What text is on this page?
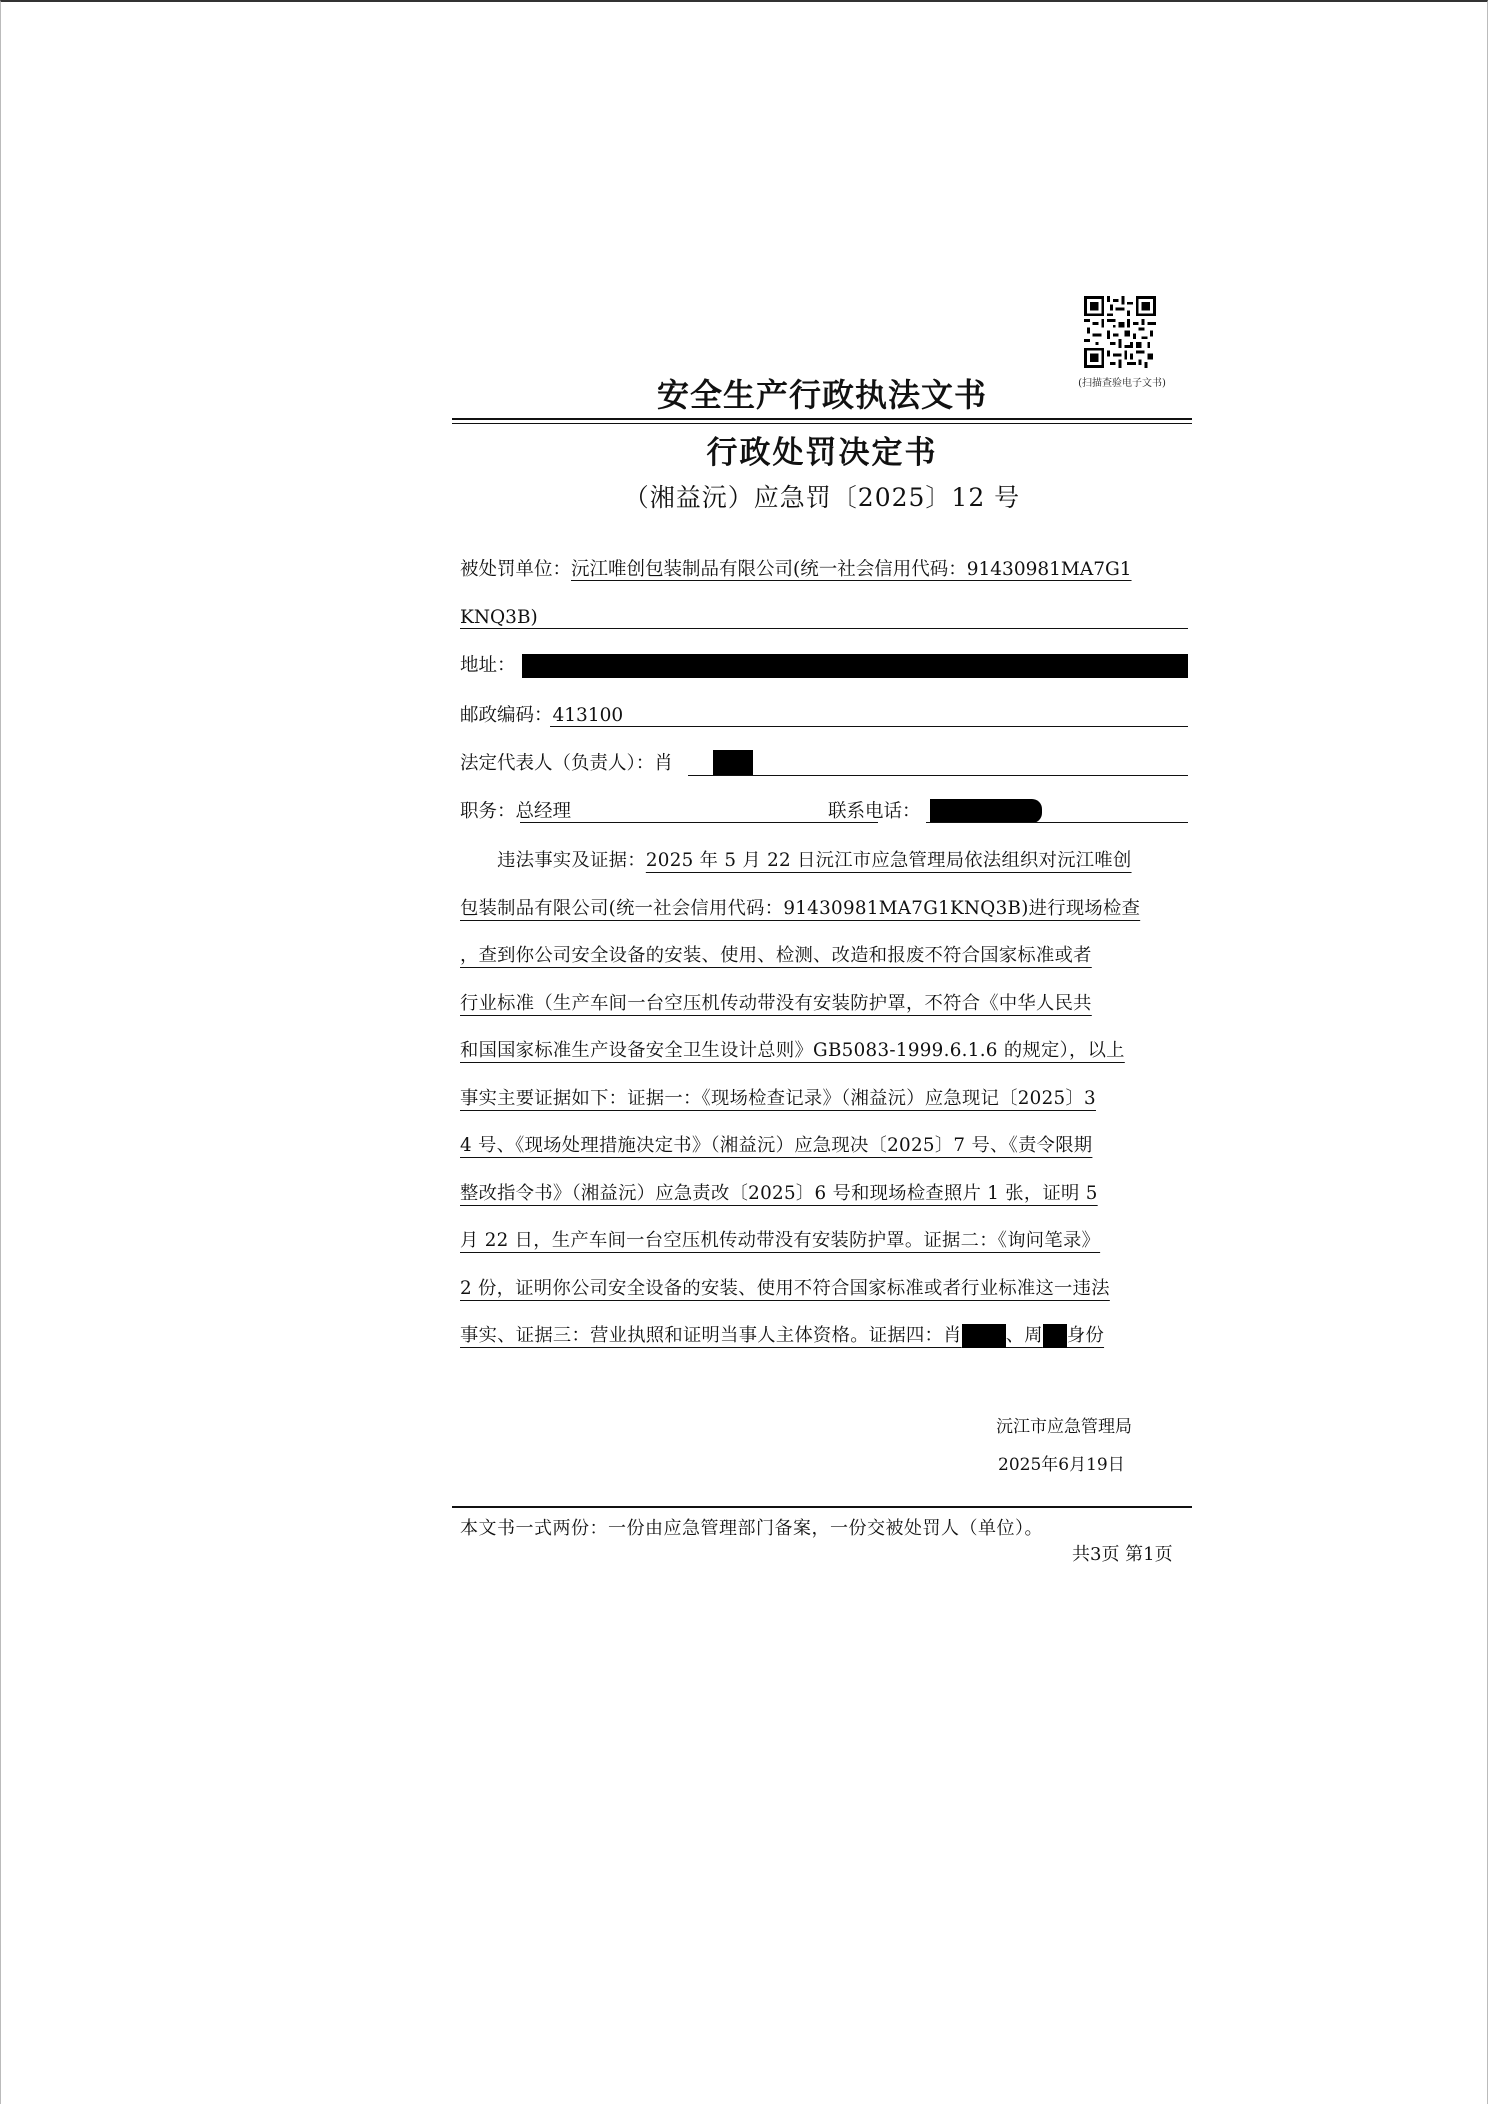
(扫描查验电子文书)
安全生产行政执法文书
行政处罚决定书
（湘益沅）应急罚〔2025〕12 号
被处罚单位：沅江唯创包装制品有限公司(统一社会信用代码：91430981MA7G1
KNQ3B)
地址：
邮政编码：413100
法定代表人（负责人）：肖
职务：总经理	联系电话：
　　违法事实及证据：2025 年 5 月 22 日沅江市应急管理局依法组织对沅江唯创
包装制品有限公司(统一社会信用代码：91430981MA7G1KNQ3B)进行现场检查
，查到你公司安全设备的安装、使用、检测、改造和报废不符合国家标准或者
行业标准（生产车间一台空压机传动带没有安装防护罩，不符合《中华人民共
和国国家标准生产设备安全卫生设计总则》GB5083-1999.6.1.6 的规定），以上
事实主要证据如下：证据一：《现场检查记录》（湘益沅）应急现记〔2025〕3
4 号、《现场处理措施决定书》（湘益沅）应急现决〔2025〕7 号、《责令限期
整改指令书》（湘益沅）应急责改〔2025〕6 号和现场检查照片 1 张，证明 5
月 22 日，生产车间一台空压机传动带没有安装防护罩。证据二：《询问笔录》
2 份，证明你公司安全设备的安装、使用不符合国家标准或者行业标准这一违法
事实、证据三：营业执照和证明当事人主体资格。证据四：肖 、周 身份
沅江市应急管理局
2025年6月19日
本文书一式两份：一份由应急管理部门备案，一份交被处罚人（单位）。
共3页 第1页
